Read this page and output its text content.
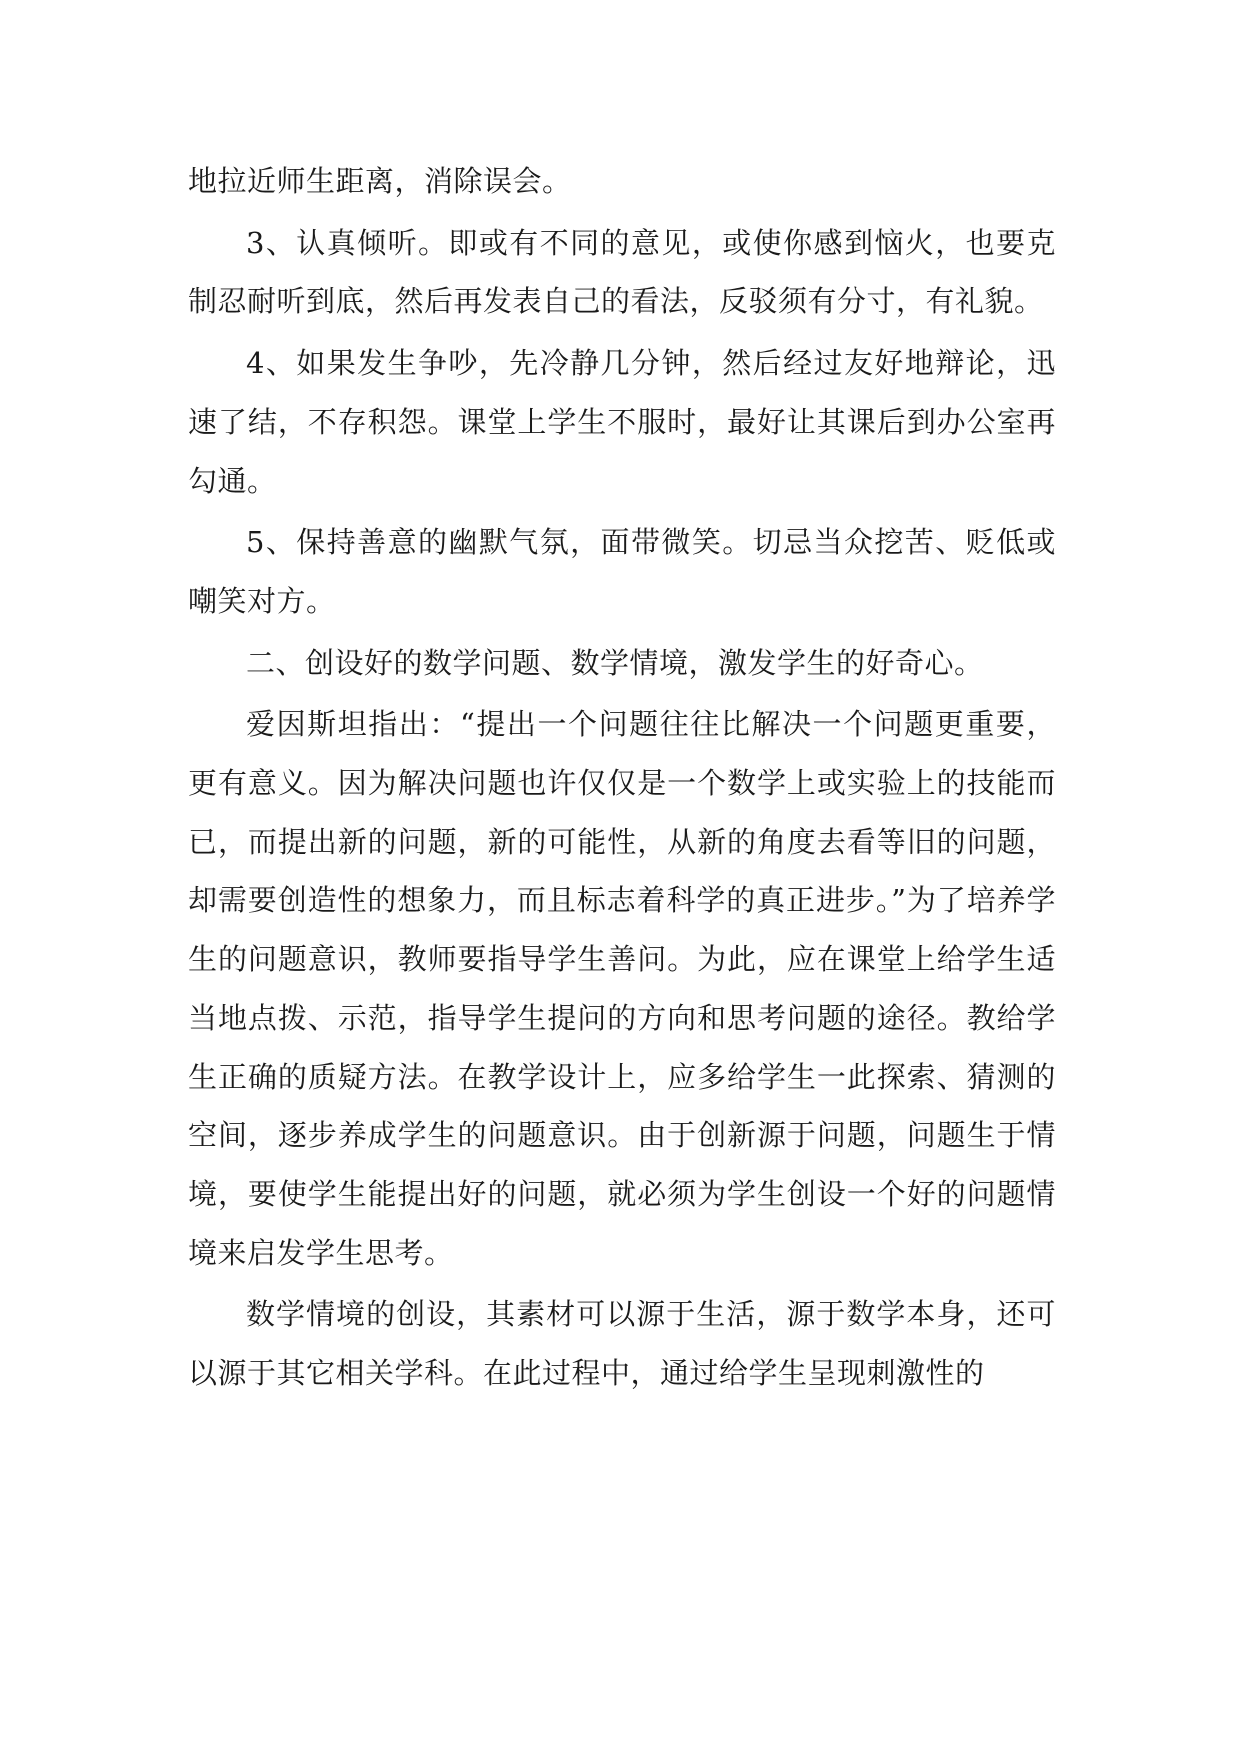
地拉近师生距离，消除误会。

3、认真倾听。即或有不同的意见，或使你感到恼火，也要克制忍耐听到底，然后再发表自己的看法，反驳须有分寸，有礼貌。

4、如果发生争吵，先冷静几分钟，然后经过友好地辩论，迅速了结，不存积怨。课堂上学生不服时，最好让其课后到办公室再勾通。

5、保持善意的幽默气氛，面带微笑。切忌当众挖苦、贬低或嘲笑对方。

二、创设好的数学问题、数学情境，激发学生的好奇心。

爱因斯坦指出：“提出一个问题往往比解决一个问题更重要，更有意义。因为解决问题也许仅仅是一个数学上或实验上的技能而已，而提出新的问题，新的可能性，从新的角度去看等旧的问题，却需要创造性的想象力，而且标志着科学的真正进步。”为了培养学生的问题意识，教师要指导学生善问。为此，应在课堂上给学生适当地点拨、示范，指导学生提问的方向和思考问题的途径。教给学生正确的质疑方法。在教学设计上，应多给学生一此探索、猜测的空间，逐步养成学生的问题意识。由于创新源于问题，问题生于情境，要使学生能提出好的问题，就必须为学生创设一个好的问题情境来启发学生思考。

数学情境的创设，其素材可以源于生活，源于数学本身，还可以源于其它相关学科。在此过程中，通过给学生呈现刺激性的
